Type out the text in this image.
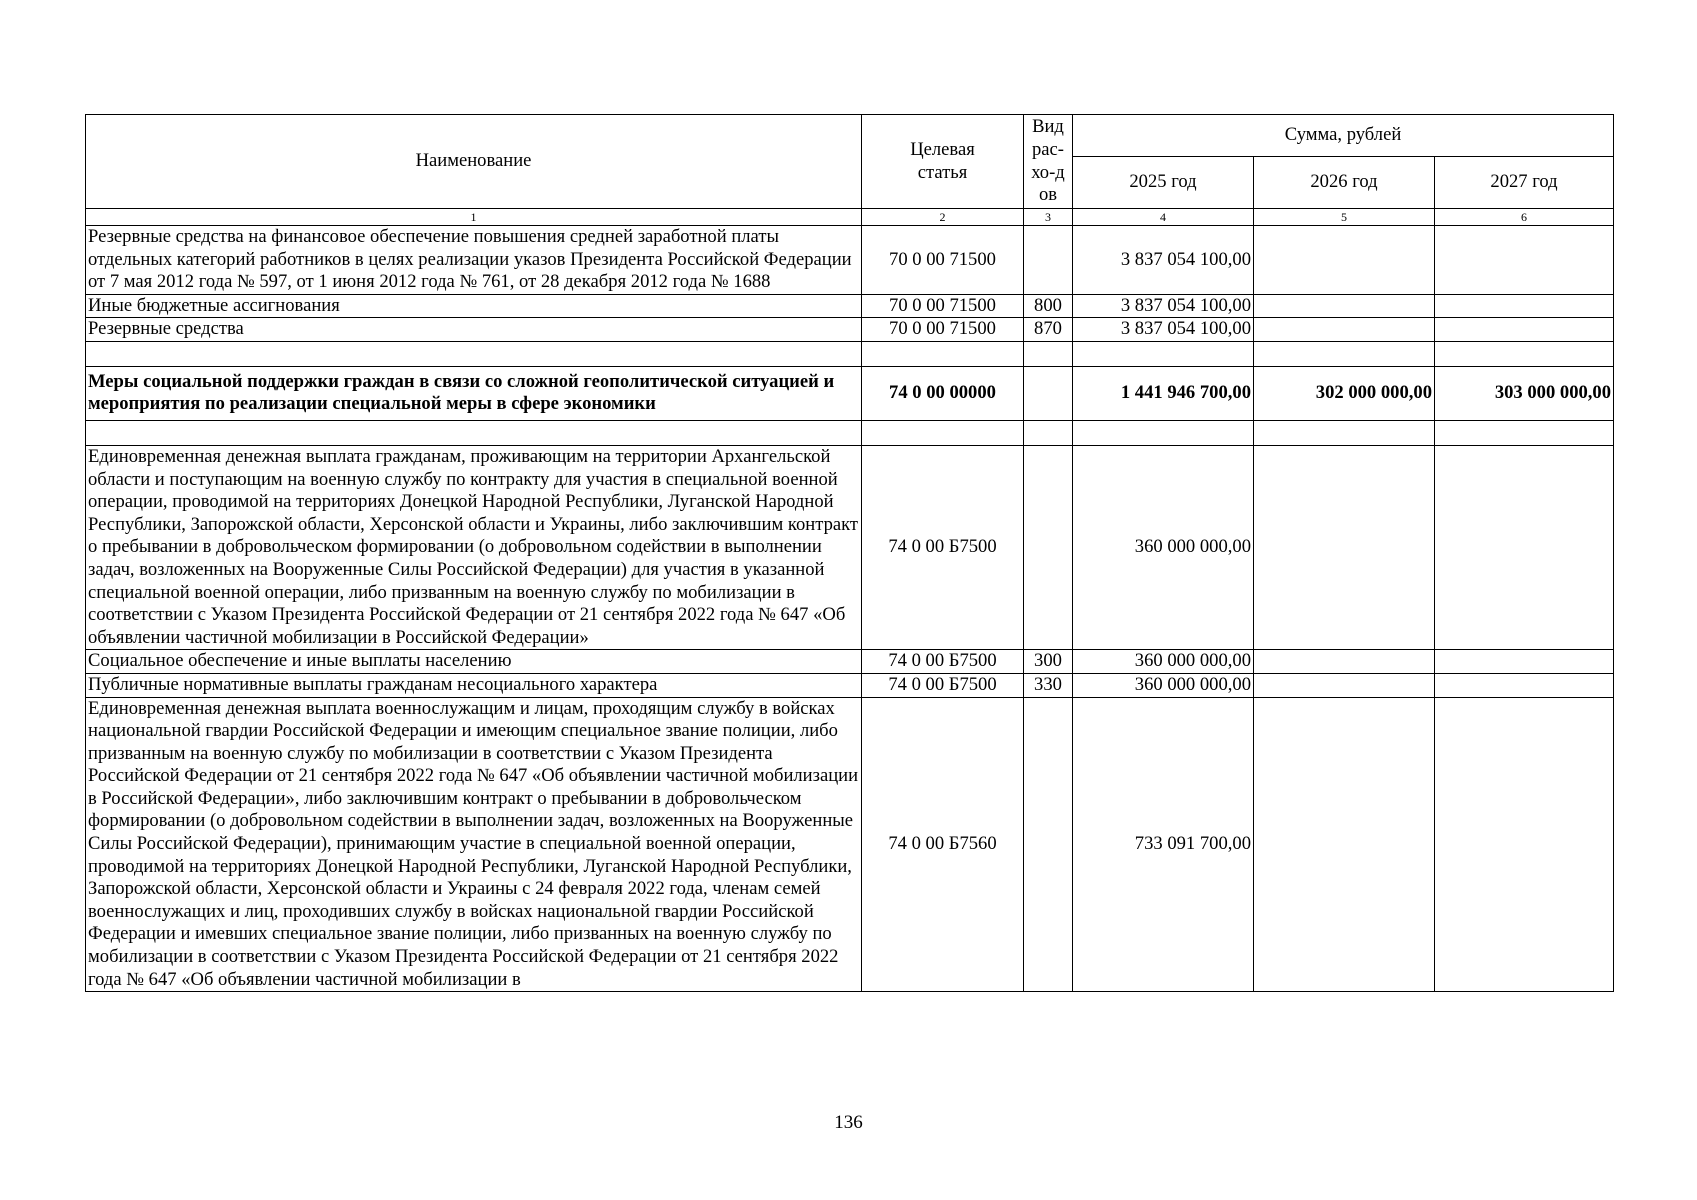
Наименование	Целевая статья	Вид рас-хо-дов	Сумма, рублей		
			2025 год	2026 год	2027 год
1	2	3	4	5	6
Резервные средства на финансовое обеспечение повышения средней заработной платы отдельных категорий работников в целях реализации указов Президента Российской Федерации от 7 мая 2012 года № 597, от 1 июня 2012 года № 761, от 28 декабря 2012 года № 1688	70 0 00 71500		3 837 054 100,00		
Иные бюджетные ассигнования	70 0 00 71500	800	3 837 054 100,00		
Резервные средства	70 0 00 71500	870	3 837 054 100,00		

Меры социальной поддержки граждан в связи со сложной геополитической ситуацией и мероприятия по реализации специальной меры в сфере экономики	74 0 00 00000		1 441 946 700,00	302 000 000,00	303 000 000,00

Единовременная денежная выплата гражданам, проживающим на территории Архангельской области и поступающим на военную службу по контракту для участия в специальной военной операции, проводимой на территориях Донецкой Народной Республики, Луганской Народной Республики, Запорожской области, Херсонской области и Украины, либо заключившим контракт о пребывании в добровольческом формировании (о добровольном содействии в выполнении задач, возложенных на Вооруженные Силы Российской Федерации) для участия в указанной специальной военной операции, либо призванным на военную службу по мобилизации в соответствии с Указом Президента Российской Федерации от 21 сентября 2022 года № 647 «Об объявлении частичной мобилизации в Российской Федерации»	74 0 00 Б7500		360 000 000,00		
Социальное обеспечение и иные выплаты населению	74 0 00 Б7500	300	360 000 000,00		
Публичные нормативные выплаты гражданам несоциального характера	74 0 00 Б7500	330	360 000 000,00		
Единовременная денежная выплата военнослужащим и лицам, проходящим службу в войсках национальной гвардии Российской Федерации и имеющим специальное звание полиции, либо призванным на военную службу по мобилизации в соответствии с Указом Президента Российской Федерации от 21 сентября 2022 года № 647 «Об объявлении частичной мобилизации в Российской Федерации», либо заключившим контракт о пребывании в добровольческом формировании (о добровольном содействии в выполнении задач, возложенных на Вооруженные Силы Российской Федерации), принимающим участие в специальной военной операции, проводимой на территориях Донецкой Народной Республики, Луганской Народной Республики, Запорожской области, Херсонской области и Украины с 24 февраля 2022 года, членам семей военнослужащих и лиц, проходивших службу в войсках национальной гвардии Российской Федерации и имевших специальное звание полиции, либо призванных на военную службу по мобилизации в соответствии с Указом Президента Российской Федерации от 21 сентября 2022 года № 647 «Об объявлении частичной мобилизации в	74 0 00 Б7560		733 091 700,00		
136
